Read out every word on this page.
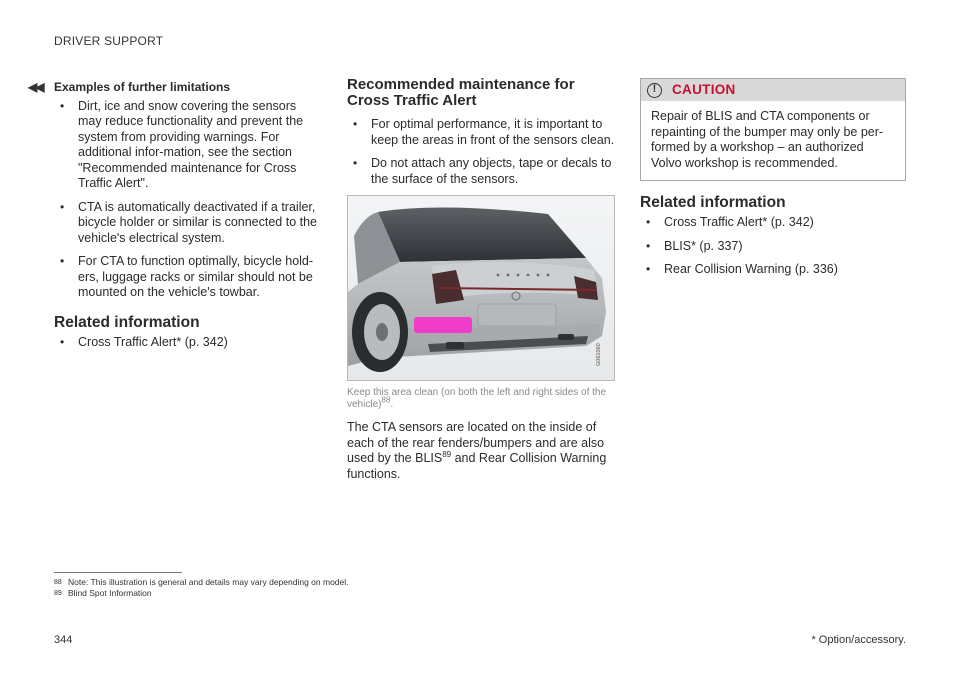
DRIVER SUPPORT
◀◀ Examples of further limitations
• Dirt, ice and snow covering the sensors may reduce functionality and prevent the system from providing warnings. For additional infor-mation, see the section "Recommended maintenance for Cross Traffic Alert".
• CTA is automatically deactivated if a trailer, bicycle holder or similar is connected to the vehicle's electrical system.
• For CTA to function optimally, bicycle hold-ers, luggage racks or similar should not be mounted on the vehicle's towbar.
Related information
• Cross Traffic Alert* (p. 342)
Recommended maintenance for Cross Traffic Alert
• For optimal performance, it is important to keep the areas in front of the sensors clean.
• Do not attach any objects, tape or decals to the surface of the sensors.
G061060
Keep this area clean (on both the left and right sides of the vehicle)$^{88}$.
The CTA sensors are located on the inside of each of the rear fenders/bumpers and are also used by the BLIS$^{89}$ and Rear Collision Warning functions.
!	CAUTION
Repair of BLIS and CTA components or repainting of the bumper may only be per-formed by a workshop – an authorized Volvo workshop is recommended.
Related information
• Cross Traffic Alert* (p. 342)
• BLIS* (p. 337)
• Rear Collision Warning (p. 336)
88 Note: This illustration is general and details may vary depending on model.
89 Blind Spot Information
344	* Option/accessory.
